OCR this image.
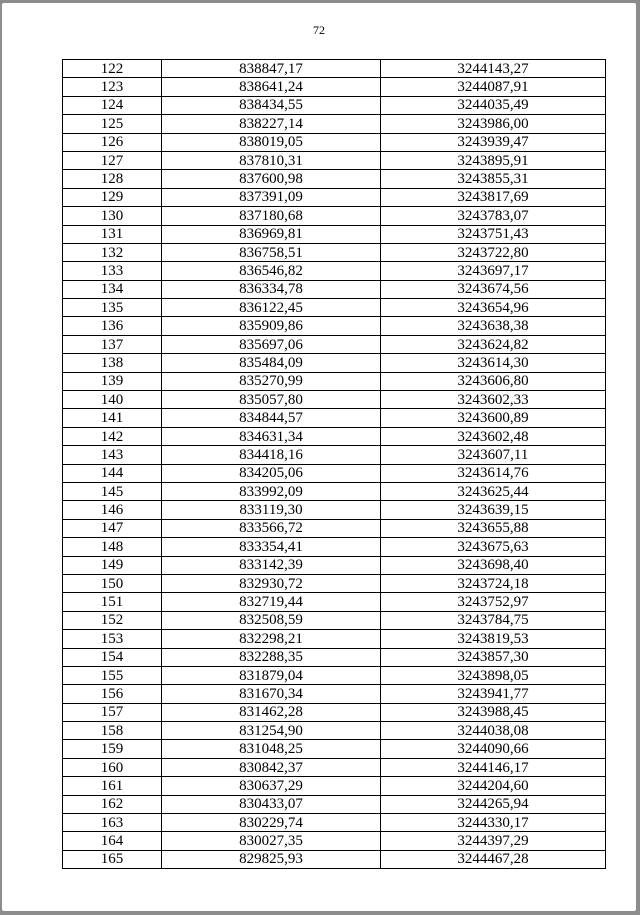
72
122	838847,17	3244143,27
123	838641,24	3244087,91
124	838434,55	3244035,49
125	838227,14	3243986,00
126	838019,05	3243939,47
127	837810,31	3243895,91
128	837600,98	3243855,31
129	837391,09	3243817,69
130	837180,68	3243783,07
131	836969,81	3243751,43
132	836758,51	3243722,80
133	836546,82	3243697,17
134	836334,78	3243674,56
135	836122,45	3243654,96
136	835909,86	3243638,38
137	835697,06	3243624,82
138	835484,09	3243614,30
139	835270,99	3243606,80
140	835057,80	3243602,33
141	834844,57	3243600,89
142	834631,34	3243602,48
143	834418,16	3243607,11
144	834205,06	3243614,76
145	833992,09	3243625,44
146	833119,30	3243639,15
147	833566,72	3243655,88
148	833354,41	3243675,63
149	833142,39	3243698,40
150	832930,72	3243724,18
151	832719,44	3243752,97
152	832508,59	3243784,75
153	832298,21	3243819,53
154	832288,35	3243857,30
155	831879,04	3243898,05
156	831670,34	3243941,77
157	831462,28	3243988,45
158	831254,90	3244038,08
159	831048,25	3244090,66
160	830842,37	3244146,17
161	830637,29	3244204,60
162	830433,07	3244265,94
163	830229,74	3244330,17
164	830027,35	3244397,29
165	829825,93	3244467,28
